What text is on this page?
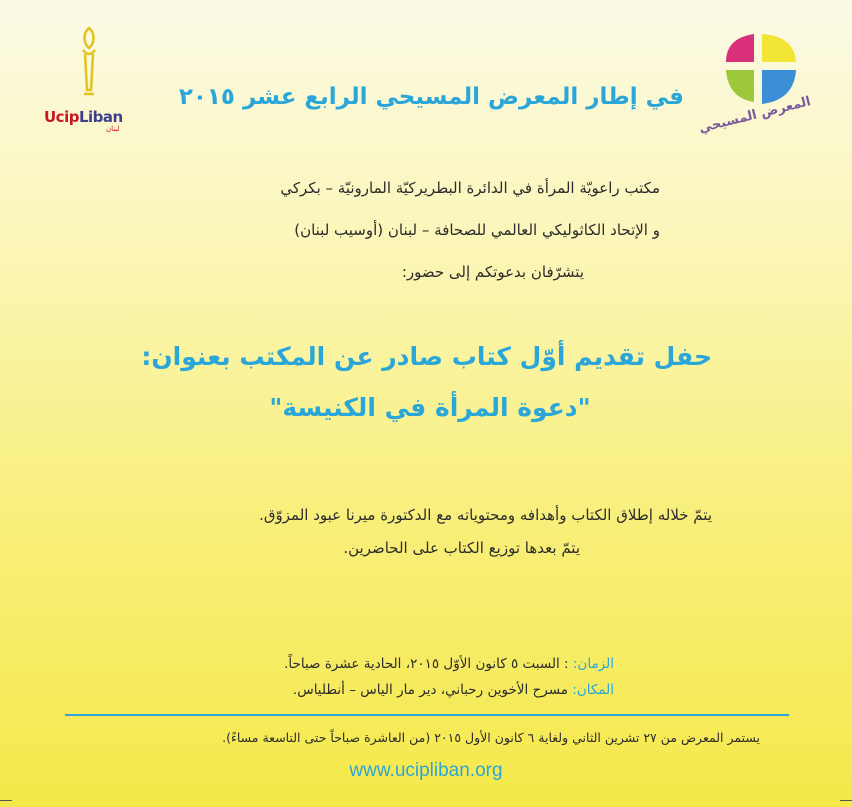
UcipLiban
لبنان	المعرض المسيحي
في إطار المعرض المسيحي الرابع عشر ٢٠١٥
مكتب راعويّة المرأة في الدائرة البطريركيّة المارونيّة – بكركي
و الإتحاد الكاثوليكي العالمي للصحافة – لبنان (أوسيب لبنان)
يتشرّفان بدعوتكم إلى حضور:
حفل تقديم أوّل كتاب صادر عن المكتب بعنوان:
"دعوة المرأة في الكنيسة"
يتمّ خلاله إطلاق الكتاب وأهدافه ومحتوياته مع الدكتورة ميرنا عبود المزوّق.
يتمّ بعدها توزيع الكتاب على الحاضرين.
الزمان: : السبت ٥ كانون الأوّل ٢٠١٥، الحادية عشرة صباحاً.
المكان: مسرح الأخوين رحباني، دير مار الياس – أنطلياس.
يستمر المعرض من ٢٧ تشرين الثاني ولغاية ٦ كانون الأول ٢٠١٥ (من العاشرة صباحاً حتى التاسعة مساءً).
www.ucipliban.org
